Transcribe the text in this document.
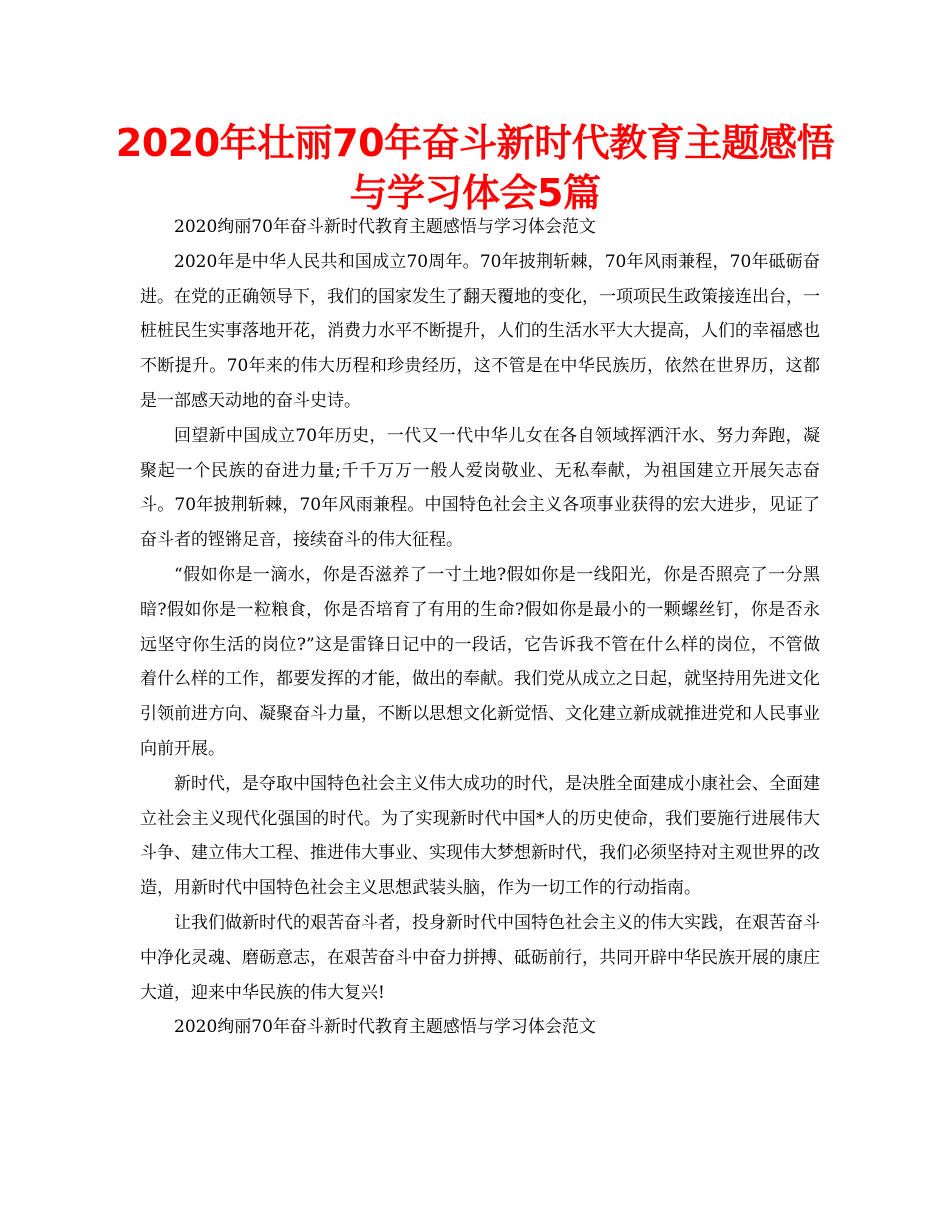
2020年壮丽70年奋斗新时代教育主题感悟与学习体会5篇

2020绚丽70年奋斗新时代教育主题感悟与学习体会范文

2020年是中华人民共和国成立70周年。70年披荆斩棘，70年风雨兼程，70年砥砺奋进。在党的正确领导下，我们的国家发生了翻天覆地的变化，一项项民生政策接连出台，一桩桩民生实事落地开花，消费力水平不断提升，人们的生活水平大大提高，人们的幸福感也不断提升。70年来的伟大历程和珍贵经历，这不管是在中华民族历，依然在世界历，这都是一部感天动地的奋斗史诗。

回望新中国成立70年历史，一代又一代中华儿女在各自领域挥洒汗水、努力奔跑，凝聚起一个民族的奋进力量;千千万万一般人爱岗敬业、无私奉献，为祖国建立开展矢志奋斗。70年披荆斩棘，70年风雨兼程。中国特色社会主义各项事业获得的宏大进步，见证了奋斗者的铿锵足音，接续奋斗的伟大征程。

“假如你是一滴水，你是否滋养了一寸土地?假如你是一线阳光，你是否照亮了一分黑暗?假如你是一粒粮食，你是否培育了有用的生命?假如你是最小的一颗螺丝钉，你是否永远坚守你生活的岗位?”这是雷锋日记中的一段话，它告诉我不管在什么样的岗位，不管做着什么样的工作，都要发挥的才能，做出的奉献。我们党从成立之日起，就坚持用先进文化引领前进方向、凝聚奋斗力量，不断以思想文化新觉悟、文化建立新成就推进党和人民事业向前开展。

新时代，是夺取中国特色社会主义伟大成功的时代，是决胜全面建成小康社会、全面建立社会主义现代化强国的时代。为了实现新时代中国*人的历史使命，我们要施行进展伟大斗争、建立伟大工程、推进伟大事业、实现伟大梦想新时代，我们必须坚持对主观世界的改造，用新时代中国特色社会主义思想武装头脑，作为一切工作的行动指南。

让我们做新时代的艰苦奋斗者，投身新时代中国特色社会主义的伟大实践，在艰苦奋斗中净化灵魂、磨砺意志，在艰苦奋斗中奋力拼搏、砥砺前行，共同开辟中华民族开展的康庄大道，迎来中华民族的伟大复兴!

2020绚丽70年奋斗新时代教育主题感悟与学习体会范文
